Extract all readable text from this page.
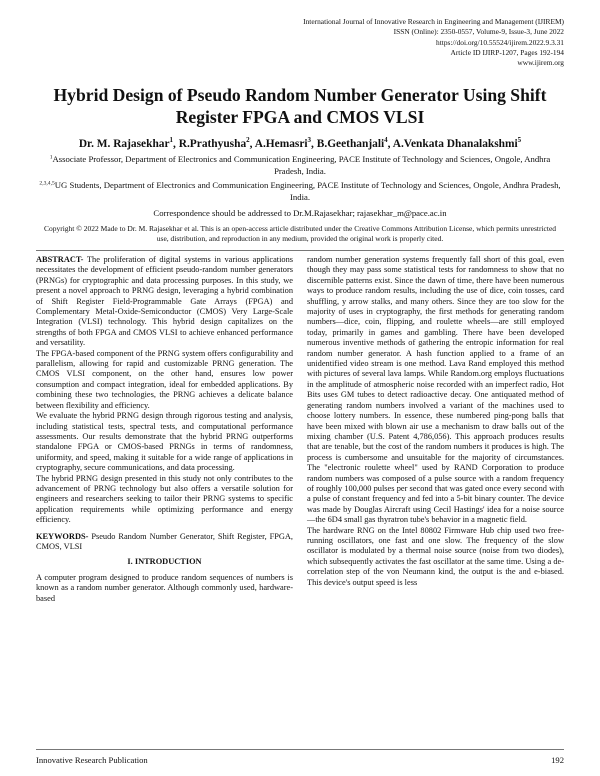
International Journal of Innovative Research in Engineering and Management (IJIREM)
ISSN (Online): 2350-0557, Volume-9, Issue-3, June 2022
https://doi.org/10.55524/ijirem.2022.9.3.31
Article ID IJIRP-1207, Pages 192-194
www.ijirem.org
Hybrid Design of Pseudo Random Number Generator Using Shift Register FPGA and CMOS VLSI
Dr. M. Rajasekhar$^1$, R.Prathyusha$^2$, A.Hemasri$^3$, B.Geethanjali$^4$, A.Venkata Dhanalakshmi$^5$
$^1$Associate Professor, Department of Electronics and Communication Engineering, PACE Institute of Technology and Sciences, Ongole, Andhra Pradesh, India.
$^{2,3,4,5}$UG Students, Department of Electronics and Communication Engineering, PACE Institute of Technology and Sciences, Ongole, Andhra Pradesh, India.
Correspondence should be addressed to Dr.M.Rajasekhar; rajasekhar_m@pace.ac.in
Copyright © 2022 Made to Dr. M. Rajasekhar et al. This is an open-access article distributed under the Creative Commons Attribution License, which permits unrestricted use, distribution, and reproduction in any medium, provided the original work is properly cited.

ABSTRACT- The proliferation of digital systems in various applications necessitates the development of efficient pseudo-random number generators (PRNGs) for cryptographic and data processing purposes. In this study, we present a novel approach to PRNG design, leveraging a hybrid combination of Shift Register Field-Programmable Gate Arrays (FPGA) and Complementary Metal-Oxide-Semiconductor (CMOS) Very Large-Scale Integration (VLSI) technology. This hybrid design capitalizes on the strengths of both FPGA and CMOS VLSI to achieve enhanced performance and versatility.

The FPGA-based component of the PRNG system offers configurability and parallelism, allowing for rapid and customizable PRNG generation. The CMOS VLSI component, on the other hand, ensures low power consumption and compact integration, ideal for embedded applications. By combining these two technologies, the PRNG achieves a delicate balance between flexibility and efficiency.

We evaluate the hybrid PRNG design through rigorous testing and analysis, including statistical tests, spectral tests, and computational performance assessments. Our results demonstrate that the hybrid PRNG outperforms standalone FPGA or CMOS-based PRNGs in terms of randomness, uniformity, and speed, making it suitable for a wide range of applications in cryptography, secure communications, and data processing.

The hybrid PRNG design presented in this study not only contributes to the advancement of PRNG technology but also offers a versatile solution for engineers and researchers seeking to tailor their PRNG systems to specific application requirements while optimizing performance and energy efficiency.

KEYWORDS- Pseudo Random Number Generator, Shift Register, FPGA, CMOS, VLSI

I. INTRODUCTION

A computer program designed to produce random sequences of numbers is known as a random number generator. Although commonly used, hardware-based

random number generation systems frequently fall short of this goal, even though they may pass some statistical tests for randomness to show that no discernible patterns exist. Since the dawn of time, there have been numerous ways to produce random results, including the use of dice, coin tosses, card shuffling, y arrow stalks, and many others. Since they are too slow for the majority of uses in cryptography, the first methods for generating random numbers—dice, coin, flipping, and roulette wheels—are still employed today, primarily in games and gambling. There have been developed numerous inventive methods of gathering the entropic information for real random number generator. A hash function applied to a frame of an unidentified video stream is one method. Lava Rand employed this method with pictures of several lava lamps. While Random.org employs fluctuations in the amplitude of atmospheric noise recorded with an imperfect radio, Hot Bits uses GM tubes to detect radioactive decay. One antiquated method of generating random numbers involved a variant of the machines used to choose lottery numbers. In essence, these numbered ping-pong balls that have been mixed with blown air use a mechanism to draw balls out of the mixing chamber (U.S. Patent 4,786,056). This approach produces results that are tenable, but the cost of the random numbers it produces is high. The process is cumbersome and unsuitable for the majority of circumstances. The "electronic roulette wheel" used by RAND Corporation to produce random numbers was composed of a pulse source with a random frequency of roughly 100,000 pulses per second that was gated once every second with a pulse of constant frequency and fed into a 5-bit binary counter. The device was made by Douglas Aircraft using Cecil Hastings' idea for a noise source—the 6D4 small gas thyratron tube's behavior in a magnetic field.

The hardware RNG on the Intel 80802 Firmware Hub chip used two free-running oscillators, one fast and one slow. The frequency of the slow oscillator is modulated by a thermal noise source (noise from two diodes), which subsequently activates the fast oscillator at the same time. Using a de-correlation step of the von Neumann kind, the output is the and e-biased. This device's output speed is less

Innovative Research Publication	192
